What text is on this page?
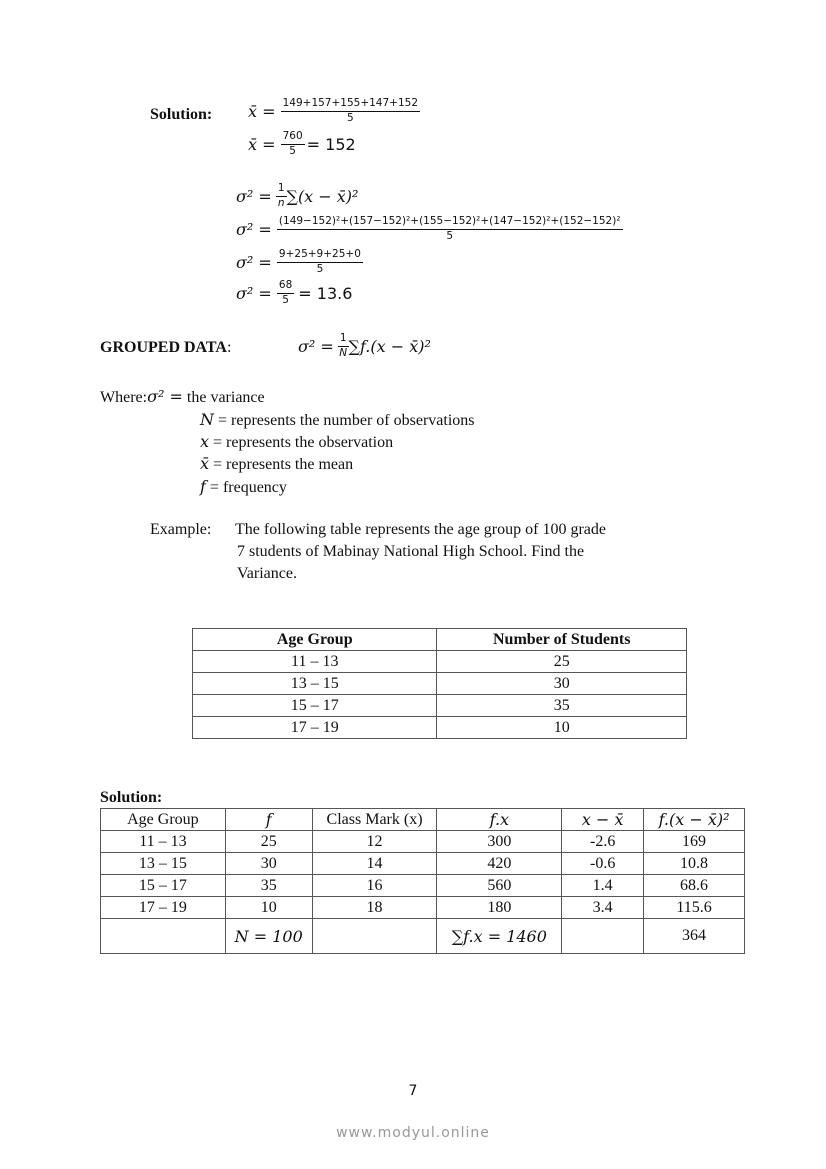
Solution: x̄ = $\frac{149+157+155+147+152}{5}$
x̄ = $\frac{760}{5} = 152$
σ² =
$\frac{1}{n} \sum(x$ − x̄)²
$\sigma^2 = \frac{\text{(149−152)²+(157−152)²+(155−152)²+(147−152)²+(152−152)²}}{5}$
$\sigma^2 = \frac{9+25+9+25+0}{5}$
$\sigma^2 = \frac{68}{5} = 13.6$
GROUPED DATA:	σ² =
$\frac{1}{N} \sum f.(x$ − x̄)²
Where:σ² = the variance
N = represents the number of observations
x = represents the observation
x̄ = represents the mean
f = frequency
Example: The following table represents the age group of 100 grade
7 students of Mabinay National High School. Find the
Variance.
Age Group	Number of Students
11 – 13	25
13 – 15	30
15 – 17	35
17 – 19	10
Solution:
Age Group	f	Class Mark (x)	f.x	x − x̄	f.(x − x̄)²
11 – 13	25	12	300	-2.6	169
13 – 15	30	14	420	-0.6	10.8
15 – 17	35	16	560	1.4	68.6
17 – 19	10	18	180	3.4	115.6
	N = 100		∑f.x = 1460		364
7
www.modyul.online
